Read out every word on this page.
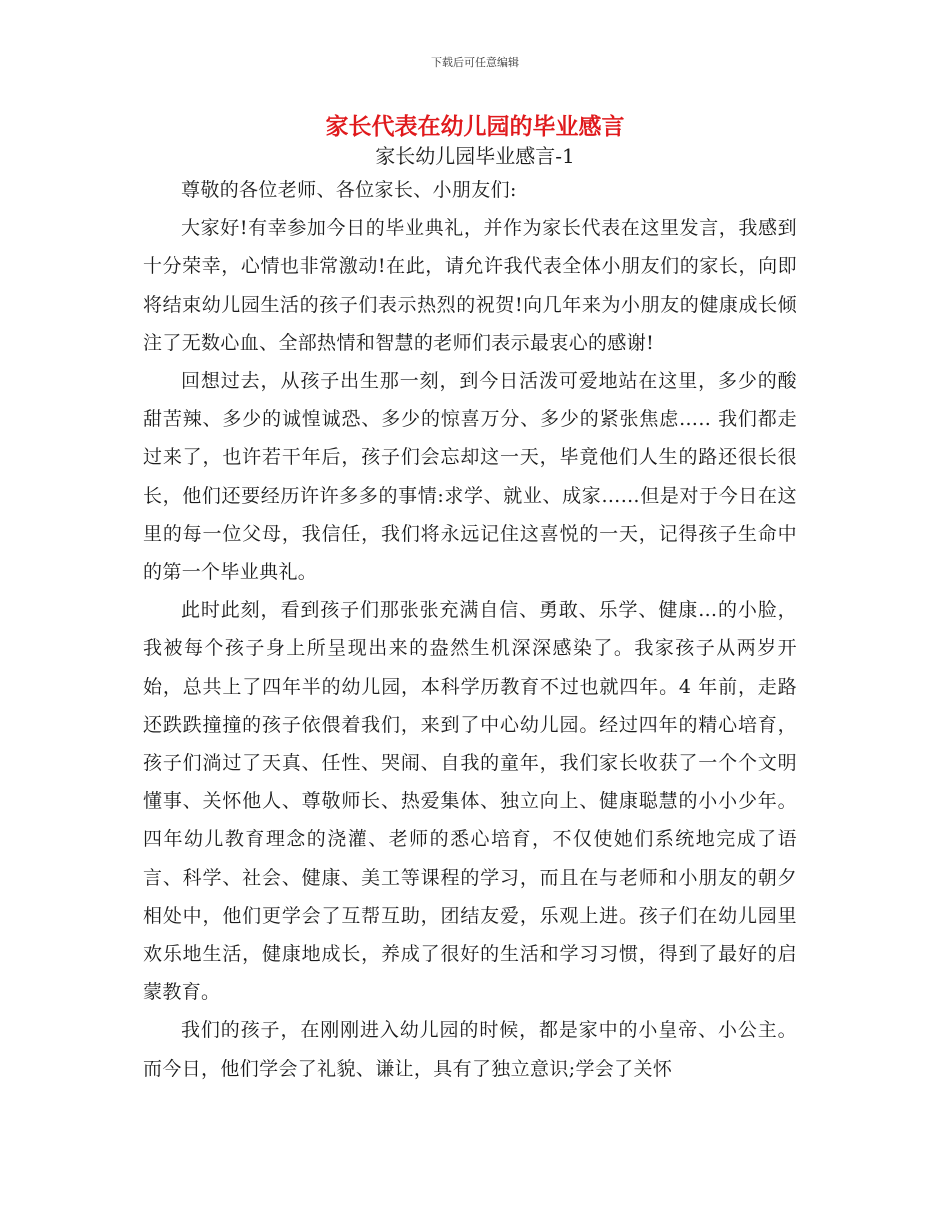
下载后可任意编辑
家长代表在幼儿园的毕业感言
家长幼儿园毕业感言-1

尊敬的各位老师、各位家长、小朋友们:

大家好!有幸参加今日的毕业典礼，并作为家长代表在这里发言，我感到十分荣幸，心情也非常激动!在此，请允许我代表全体小朋友们的家长，向即将结束幼儿园生活的孩子们表示热烈的祝贺!向几年来为小朋友的健康成长倾注了无数心血、全部热情和智慧的老师们表示最衷心的感谢!

回想过去，从孩子出生那一刻，到今日活泼可爱地站在这里，多少的酸甜苦辣、多少的诚惶诚恐、多少的惊喜万分、多少的紧张焦虑….. 我们都走过来了，也许若干年后，孩子们会忘却这一天，毕竟他们人生的路还很长很长，他们还要经历许许多多的事情:求学、就业、成家……但是对于今日在这里的每一位父母，我信任，我们将永远记住这喜悦的一天，记得孩子生命中的第一个毕业典礼。

此时此刻，看到孩子们那张张充满自信、勇敢、乐学、健康…的小脸，我被每个孩子身上所呈现出来的盎然生机深深感染了。我家孩子从两岁开始，总共上了四年半的幼儿园，本科学历教育不过也就四年。4 年前，走路还跌跌撞撞的孩子依偎着我们，来到了中心幼儿园。经过四年的精心培育，孩子们淌过了天真、任性、哭闹、自我的童年，我们家长收获了一个个文明懂事、关怀他人、尊敬师长、热爱集体、独立向上、健康聪慧的小小少年。四年幼儿教育理念的浇灌、老师的悉心培育，不仅使她们系统地完成了语言、科学、社会、健康、美工等课程的学习，而且在与老师和小朋友的朝夕相处中，他们更学会了互帮互助，团结友爱，乐观上进。孩子们在幼儿园里欢乐地生活，健康地成长，养成了很好的生活和学习习惯，得到了最好的启蒙教育。

我们的孩子，在刚刚进入幼儿园的时候，都是家中的小皇帝、小公主。而今日，他们学会了礼貌、谦让，具有了独立意识;学会了关怀
